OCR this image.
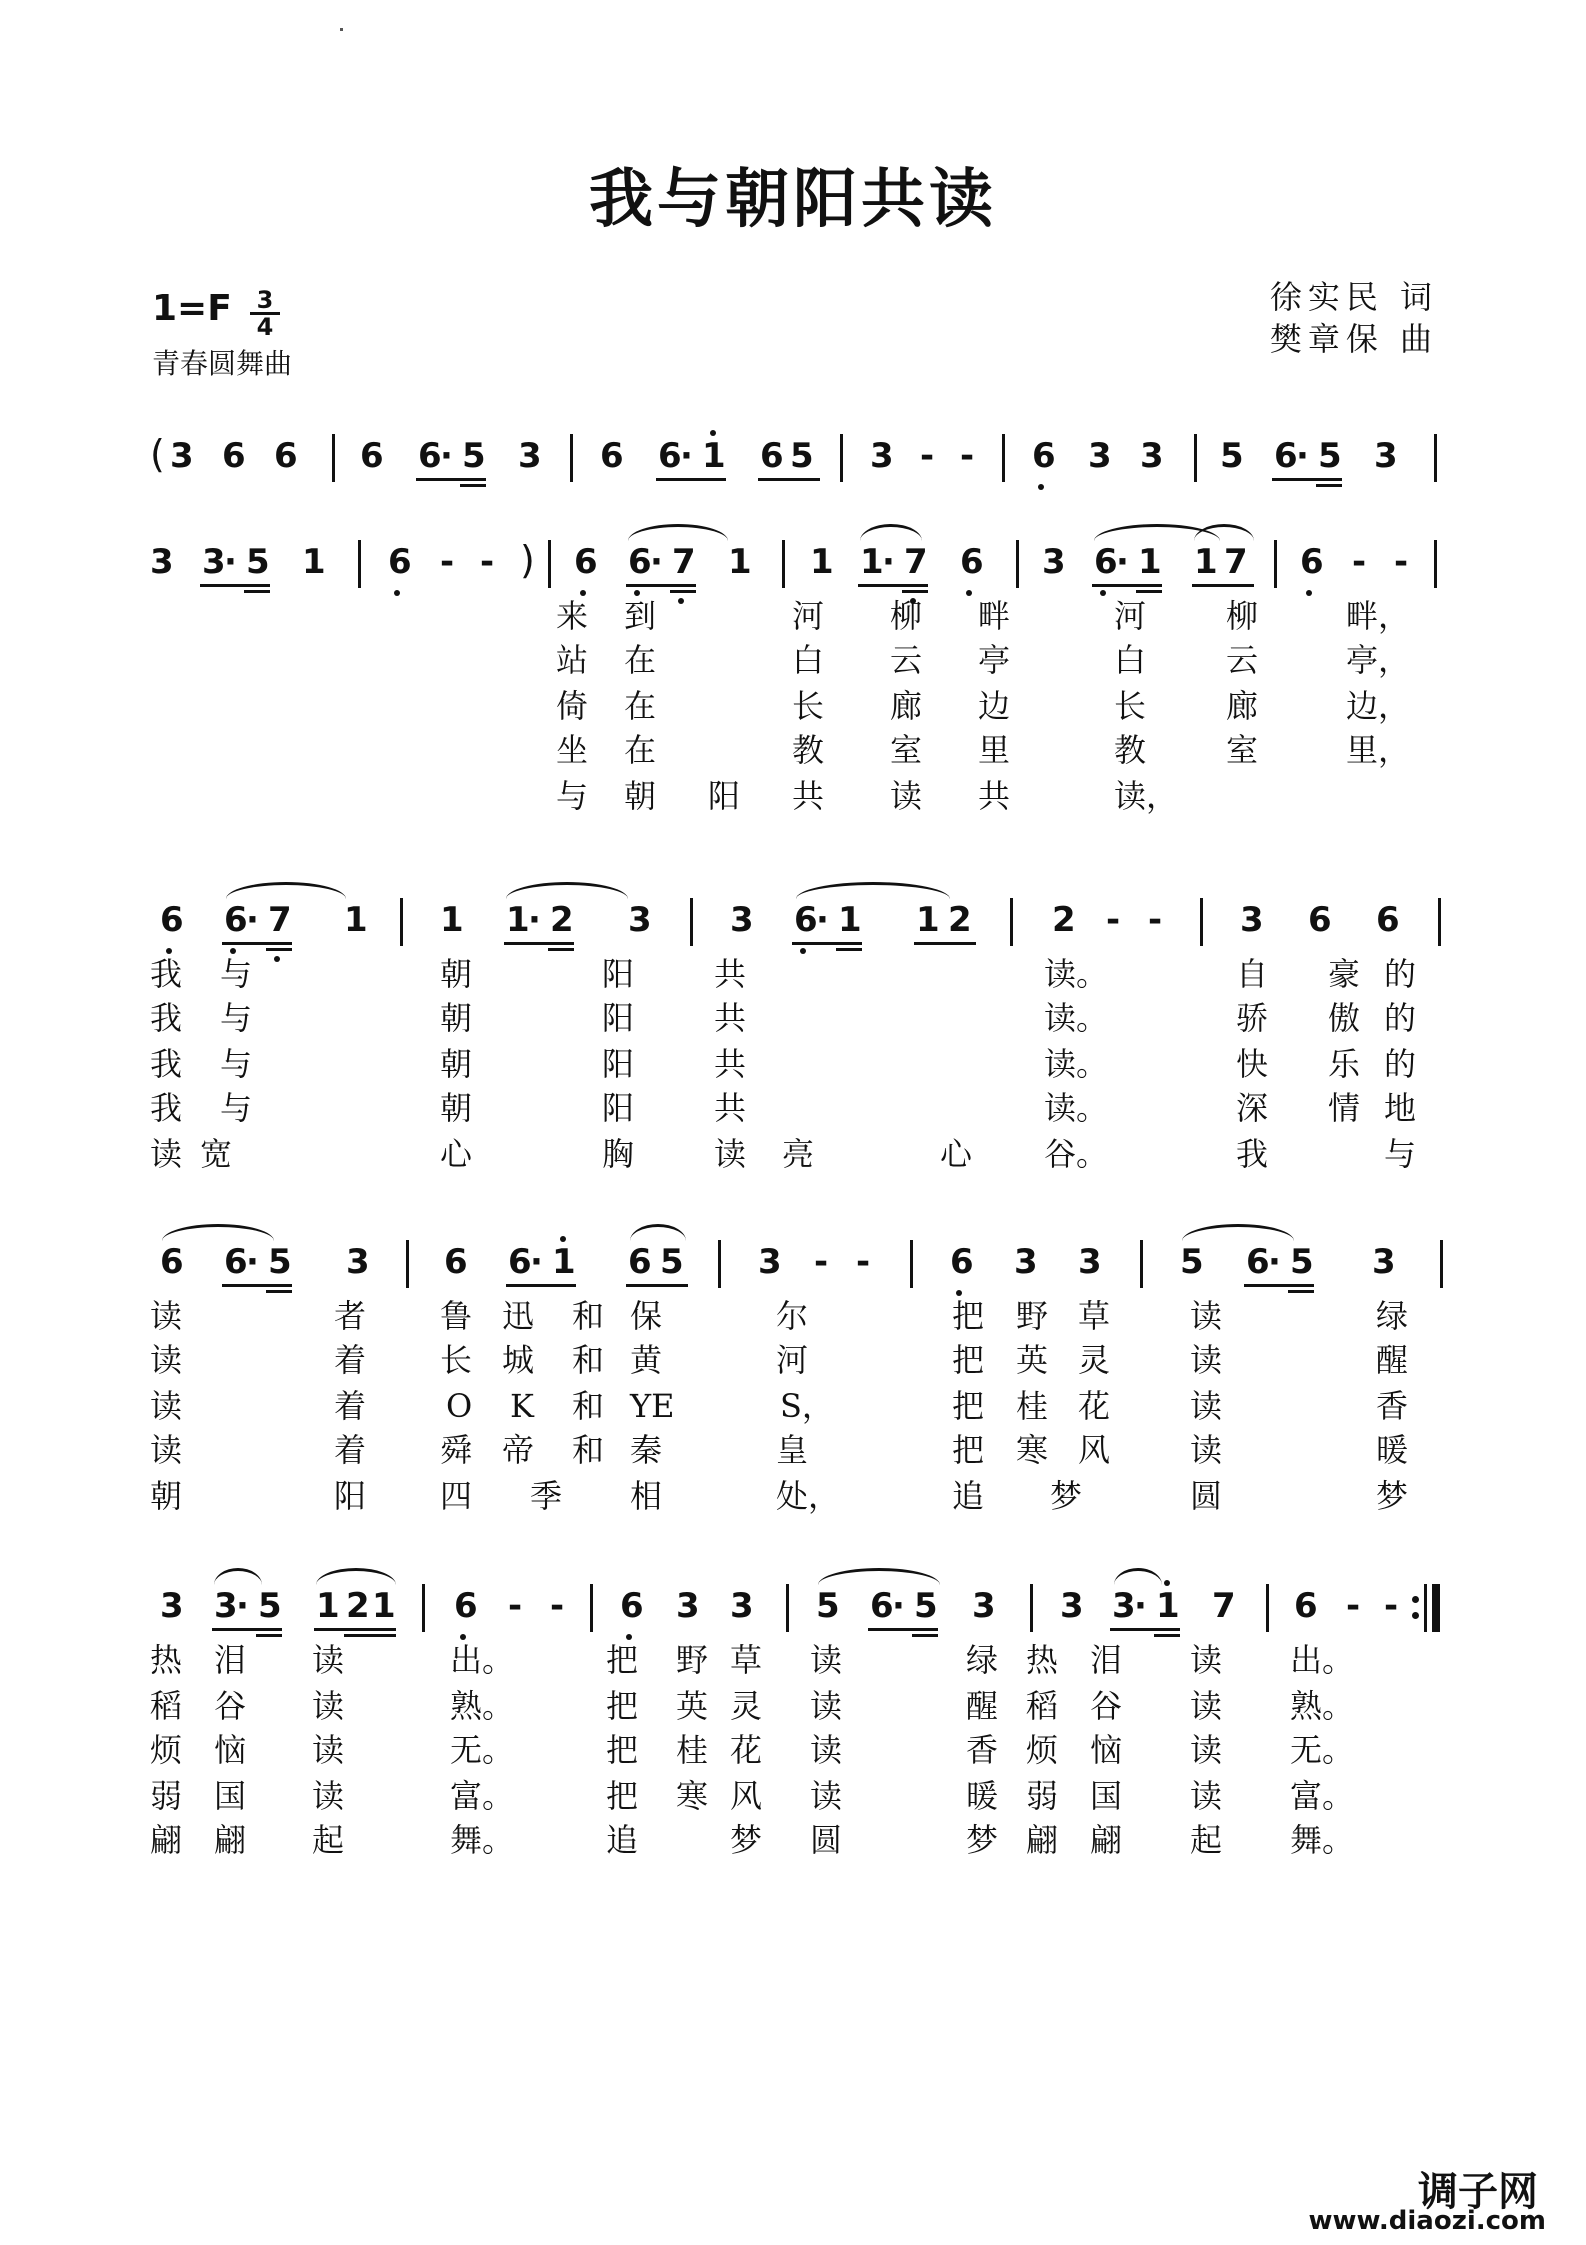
我与朝阳共读
1=F 3
4
青春圆舞曲
徐实民 词
樊章保 曲
( 3 6 6 6 6
· 5 3 6 6
· 1 6 5 3 - - 6 3 3 5 6
· 5 3
3 3
· 5 1 6 - - ) 6 6
· 7 1 1 1
· 7 6 3 6
· 1 1 7 6 - -
6 6
· 7 1 1 1
· 2 3 3 6
· 1 1 2 2 - - 3 6 6
6 6
· 5 3 6 6
· 1 6 5 3 - - 6 3 3 5 6
· 5 3
3 3
· 5 1 2 1 6 - - 6 3 3 5 6
· 5 3 3 3
· 1 7 6 - -
来 到	河 柳 畔	河 柳	畔，
站 在	白 云 亭	白 云	亭，
倚 在	长 廊 边	长 廊	边，
坐 在	教 室 里	教 室	里，
与 朝 阳 共 读 共	读，
我 与	朝	阳 共	读。	自 豪 的
我 与	朝	阳 共	读。	骄 傲 的
我 与	朝	阳 共	读。	快 乐 的
我 与	朝	阳 共	读。	深 情 地
读 宽	心	胸 读 亮	心 谷。	我	与
读	者 鲁 迅 和 保	尔	把 野 草 读	绿
读	着 长 城 和 黄	河	把 英 灵 读	醒
读	着 O K 和 YE	S，	把 桂 花 读	香
读	着 舜 帝 和 秦	皇	把 寒 风 读	暖
朝	阳 四 季 相	处，	追 梦	圆	梦
热 泪 读	出。	把 野 草 读	绿 热 泪 读 出。
稻 谷 读	熟。	把 英 灵 读	醒 稻 谷 读 熟。
烦 恼 读	无。	把 桂 花 读	香 烦 恼 读 无。
弱 国 读	富。	把 寒 风 读	暖 弱 国 读 富。
翩 翩 起	舞。	追	梦 圆	梦 翩 翩 起 舞。
调子网
www.diaozi.com
